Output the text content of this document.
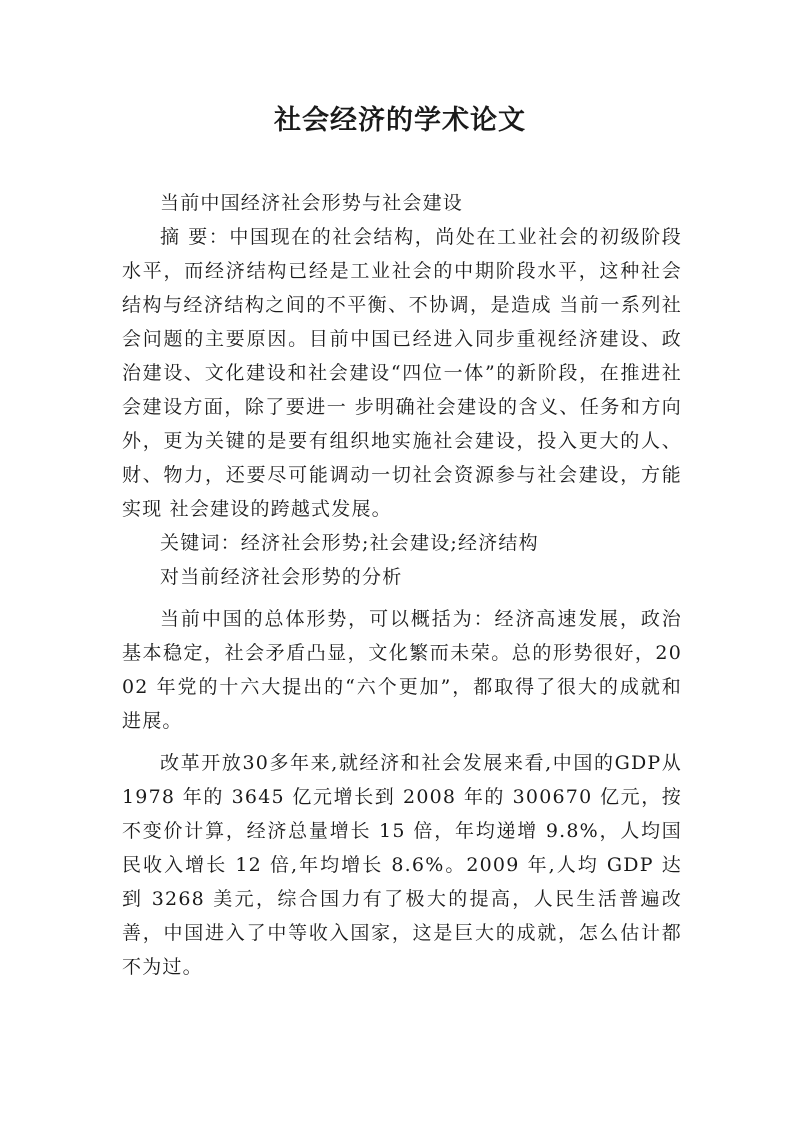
社会经济的学术论文

当前中国经济社会形势与社会建设

摘 要：中国现在的社会结构，尚处在工业社会的初级阶段水平，而经济结构已经是工业社会的中期阶段水平，这种社会结构与经济结构之间的不平衡、不协调，是造成 当前一系列社会问题的主要原因。目前中国已经进入同步重视经济建设、政治建设、文化建设和社会建设“四位一体”的新阶段，在推进社会建设方面，除了要进一 步明确社会建设的含义、任务和方向外，更为关键的是要有组织地实施社会建设，投入更大的人、财、物力，还要尽可能调动一切社会资源参与社会建设，方能实现 社会建设的跨越式发展。

关键词：经济社会形势;社会建设;经济结构

对当前经济社会形势的分析

当前中国的总体形势，可以概括为：经济高速发展，政治基本稳定，社会矛盾凸显，文化繁而未荣。总的形势很好，2002 年党的十六大提出的“六个更加”，都取得了很大的成就和进展。

改革开放30多年来,就经济和社会发展来看,中国的GDP从 1978 年的 3645 亿元增长到 2008 年的 300670 亿元，按不变价计算，经济总量增长 15 倍，年均递增 9.8%，人均国民收入增长 12 倍,年均增长 8.6%。2009 年,人均 GDP 达到 3268 美元，综合国力有了极大的提高，人民生活普遍改善，中国进入了中等收入国家，这是巨大的成就，怎么估计都不为过。
